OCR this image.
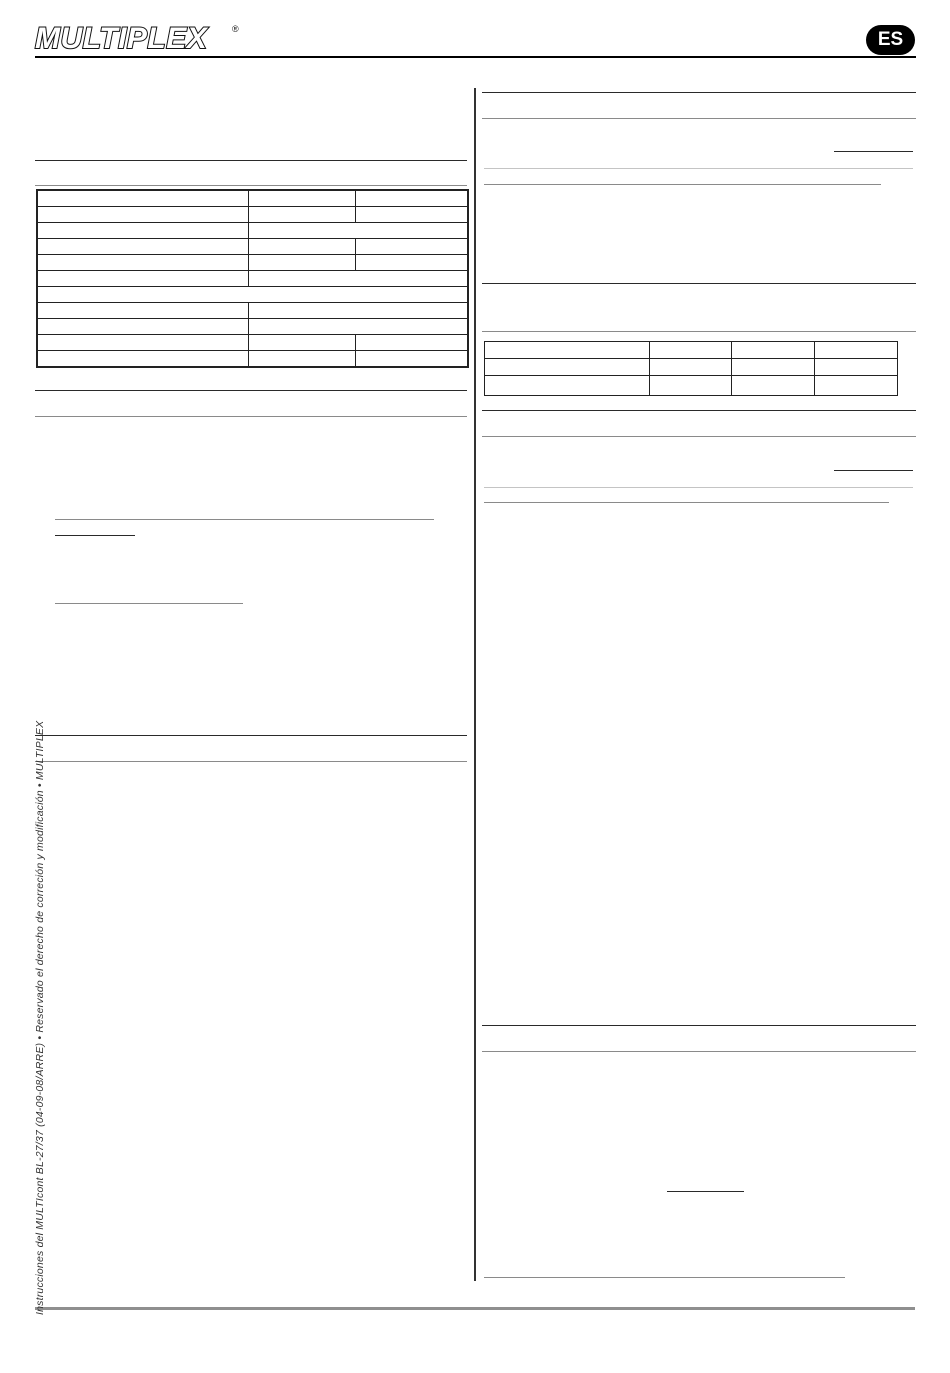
MULTIPLEX	®	ES

Instrucciones del MULTIcont BL-27/37 (04-09-08/ARRE) • Reservado el derecho de correción y modificación • MULTIPLEX
